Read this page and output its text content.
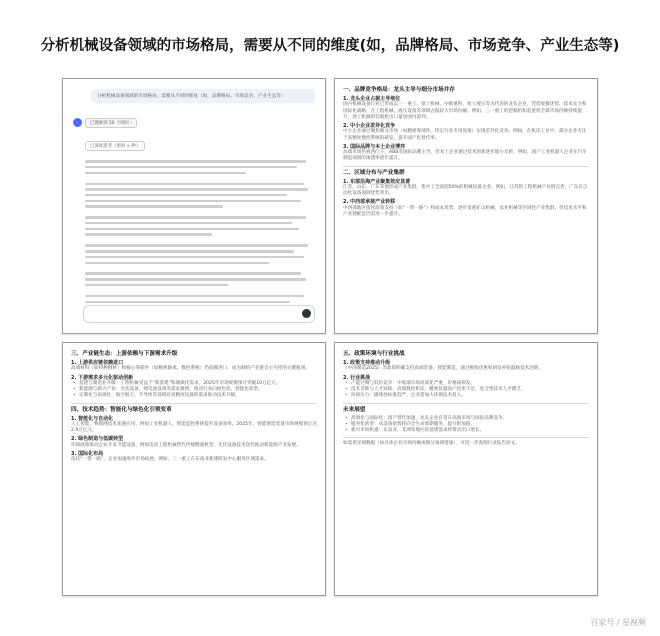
分析机械设备领域的市场格局，需要从不同的维度(如，品牌格局、市场竞争、产业生态等)
分析机械设备领域的市场格局，需要从不同的维度（如，品牌格局、市场竞争、产业生态等）
已搜索到 50 个网页 ›
已深度思考（用时 ≈ 秒）
一、品牌竞争格局：龙头主导与细分市场并存
1. 龙头企业占据主导地位
国内机械设备行业已形成以三一重工、徐工机械、中联重科、恒立液压等为代表的龙头企业，凭借规模优势、技术实力和国际化战略，在工程机械、液压设备等领域占据较大市场份额。例如，三一重工的挖掘机和起重机全球市场份额持续提升，徐工机械的装载机出口量居国内前列。
2. 中小企业差异化竞争
中小企业通过聚焦细分市场（如精密零部件、特定行业专用设备）实现差异化竞争。例如，在机床工业中，部分企业专注于高精度数控系统的研发，提升国产化替代率。
3. 国际品牌与本土企业博弈
高端市场仍被西门子、ABB等国际品牌主导，但本土企业通过技术创新逐步缩小差距。例如，国产工业机器人企业在汽车制造领域的渗透率逐年提升。
二、区域分布与产业集群
1. 东部沿海产业聚集效应显著
江苏、山东、广东等地形成产业集群，集中了全国超50%的机械设备企业。例如，江苏的工程机械产业链完善，广东在自动化设备领域优势突出。
2. 中西部承接产业转移
中西部地区依托政策支持（如“一带一路”）和成本优势，逐步发展矿山机械、农业机械等区域性产业集群，但技术水平和产业链配套仍需进一步提升。
三、产业链生态：上游依赖与下游需求升级
1. 上游供应链依赖进口
高端材料（如特种钢材）和核心零部件（如精密轴承、数控系统）仍依赖进口，成为制约产业链自主可控的关键瓶颈。
2. 下游需求多元化驱动创新
• 基建与制造业升级：工程机械受益于“新基建”和城镇化需求，2025年市场规模预计突破10万亿元。
• 新能源与新兴产业：光伏设备、锂电池设备等需求激增，推动行业向绿色化、智能化转型。
• 定制化与高端化：航空航天、半导体等领域对高精度设备的需求推动技术升级。
四、技术趋势：智能化与绿色化引领变革
1. 智能化与自动化
人工智能、物联网技术加速应用，例如工业机器人、智能监控系统提升设备效率。2025年，智能制造装备市场规模预计达2.9万亿元。
2. 绿色制造与低碳转型
环保政策推动企业开发节能设备，例如电动工程机械替代传统燃油机型，光伏设备技术迭代推动新能源产业发展。
3. 国际化布局
依托“一带一路”，企业加速海外市场拓展。例如，三一重工在东南亚新建研发中心服务区域需求。
五、政策环境与行业挑战
1. 政策支持推动升级
《中国制造2025》等政策明确支持高端装备、智能制造，通过税收优惠和研发补贴鼓励技术创新。
2. 行业挑战
• 产能过剩与低价竞争：中低端市场同质化严重，价格战频发。
• 技术差距与人才短缺：高端数控机床、精密仪器国产化率不足，复合型技术人才匮乏。
• 环保压力：碳排放标准趋严，企业需加大环保技术投入。
未来展望
• 高端化与国际化：国产替代加速，龙头企业有望在高端市场与国际品牌竞争。
• 服务化转型：从设备销售转向全生命周期服务，提升附加值。
• 新兴市场机遇：东南亚、非洲等地区的基建需求将带动出口增长。
如需更详细数据（如具体企业市场份额或细分领域增速），可进一步查阅行业报告原文。
百家号 / 星视频
